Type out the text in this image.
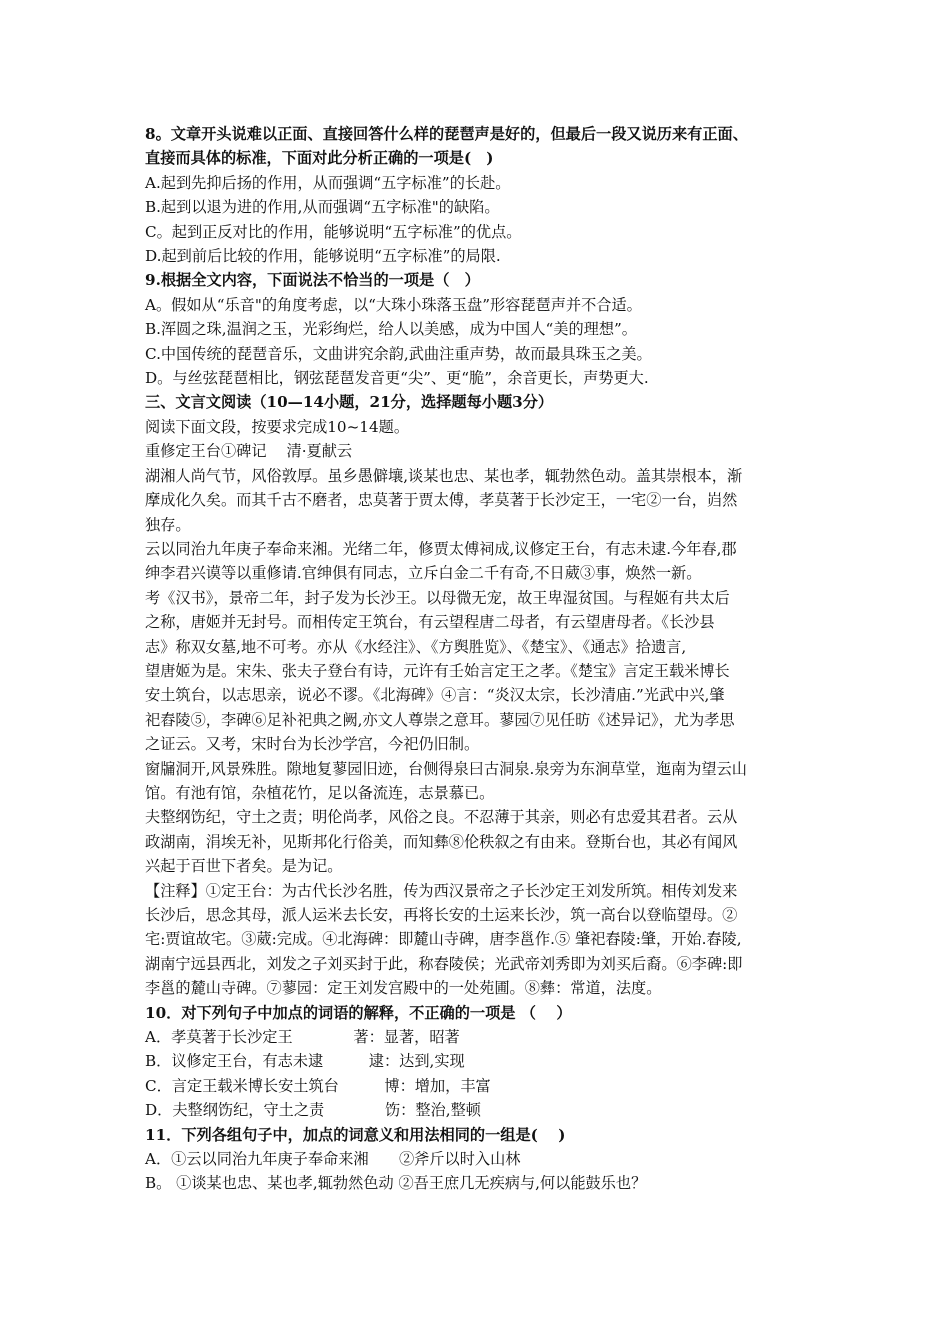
8。文章开头说难以正面、直接回答什么样的琵琶声是好的，但最后一段又说历来有正面、
直接而具体的标准，下面对此分析正确的一项是(　)
A.起到先抑后扬的作用，从而强调“五字标准”的长赴。
B.起到以退为进的作用,从而强调“五字标准"的缺陷。
C。起到正反对比的作用，能够说明“五字标准”的优点。
D.起到前后比较的作用，能够说明“五字标准”的局限.
9.根据全文内容，下面说法不恰当的一项是（　）
A。假如从“乐音"的角度考虑，以“大珠小珠落玉盘”形容琵琶声并不合适。
B.浑圆之珠,温润之玉，光彩绚烂，给人以美感，成为中国人“美的理想”。
C.中国传统的琵琶音乐，文曲讲究余韵,武曲注重声势，故而最具珠玉之美。
D。与丝弦琵琶相比，钢弦琵琶发音更“尖”、更“脆”，余音更长，声势更大.
三、文言文阅读（10—14小题，21分，选择题每小题3分）
阅读下面文段，按要求完成10~14题。
重修定王台①碑记　 清·夏献云
湖湘人尚气节，风俗敦厚。虽乡愚僻壤,谈某也忠、某也孝，辄勃然色动。盖其崇根本，渐
摩成化久矣。而其千古不磨者，忠莫著于贾太傅，孝莫著于长沙定王，一宅②一台，岿然
独存。
云以同治九年庚子奉命来湘。光绪二年，修贾太傅祠成,议修定王台，有志未逮.今年春,郡
绅李君兴谟等以重修请.官绅俱有同志，立斥白金二千有奇,不日葳③事，焕然一新。
考《汉书》，景帝二年，封子发为长沙王。以母微无宠，故王卑湿贫国。与程姬有共太后
之称，唐姬并无封号。而相传定王筑台，有云望程唐二母者，有云望唐母者。《长沙县
志》称双女墓,地不可考。亦从《水经注》、《方舆胜览》、《楚宝》、《通志》拾遗言,
望唐姬为是。宋朱、张夫子登台有诗，元许有壬始言定王之孝。《楚宝》言定王载米博长
安土筑台，以志思亲，说必不谬。《北海碑》④言：“炎汉太宗，长沙清庙.”光武中兴,肇
祀舂陵⑤，李碑⑥足补祀典之阙,亦文人尊崇之意耳。蓼园⑦见任昉《述异记》，尤为孝思
之证云。又考，宋时台为长沙学宫，今祀仍旧制。
窗牖洞开,风景殊胜。隙地复蓼园旧迹，台侧得泉曰古洞泉.泉旁为东涧草堂，迤南为望云山
馆。有池有馆，杂植花竹，足以备流连，志景慕已。
夫整纲饬纪，守土之责；明伦尚孝，风俗之良。不忍薄于其亲，则必有忠爱其君者。云从
政湖南，涓埃无补，见斯邦化行俗美，而知彝⑧伦秩叙之有由来。登斯台也，其必有闻风
兴起于百世下者矣。是为记。
【注释】①定王台：为古代长沙名胜，传为西汉景帝之子长沙定王刘发所筑。相传刘发来
长沙后，思念其母，派人运米去长安，再将长安的土运来长沙，筑一高台以登临望母。②
宅:贾谊故宅。③葳:完成。④北海碑：即麓山寺碑，唐李邕作.⑤ 肇祀舂陵:肇，开始.舂陵,
湖南宁远县西北，刘发之子刘买封于此，称舂陵侯；光武帝刘秀即为刘买后裔。⑥李碑:即
李邕的麓山寺碑。⑦蓼园：定王刘发宫殿中的一处苑圃。⑧彝：常道，法度。
10．对下列句子中加点的词语的解释，不正确的一项是 （　 ）
A．孝莫著于长沙定王　　　　著：显著，昭著
B．议修定王台，有志未逮　　　逮：达到,实现
C．言定王载米博长安土筑台　　　博：增加，丰富
D．夫整纲饬纪，守土之责　　　　饬：整治,整顿
11．下列各组句子中，加点的词意义和用法相同的一组是(　 )
A．①云以同治九年庚子奉命来湘　　②斧斤以时入山林
B。 ①谈某也忠、某也孝,辄勃然色动 ②吾王庶几无疾病与,何以能鼓乐也？
